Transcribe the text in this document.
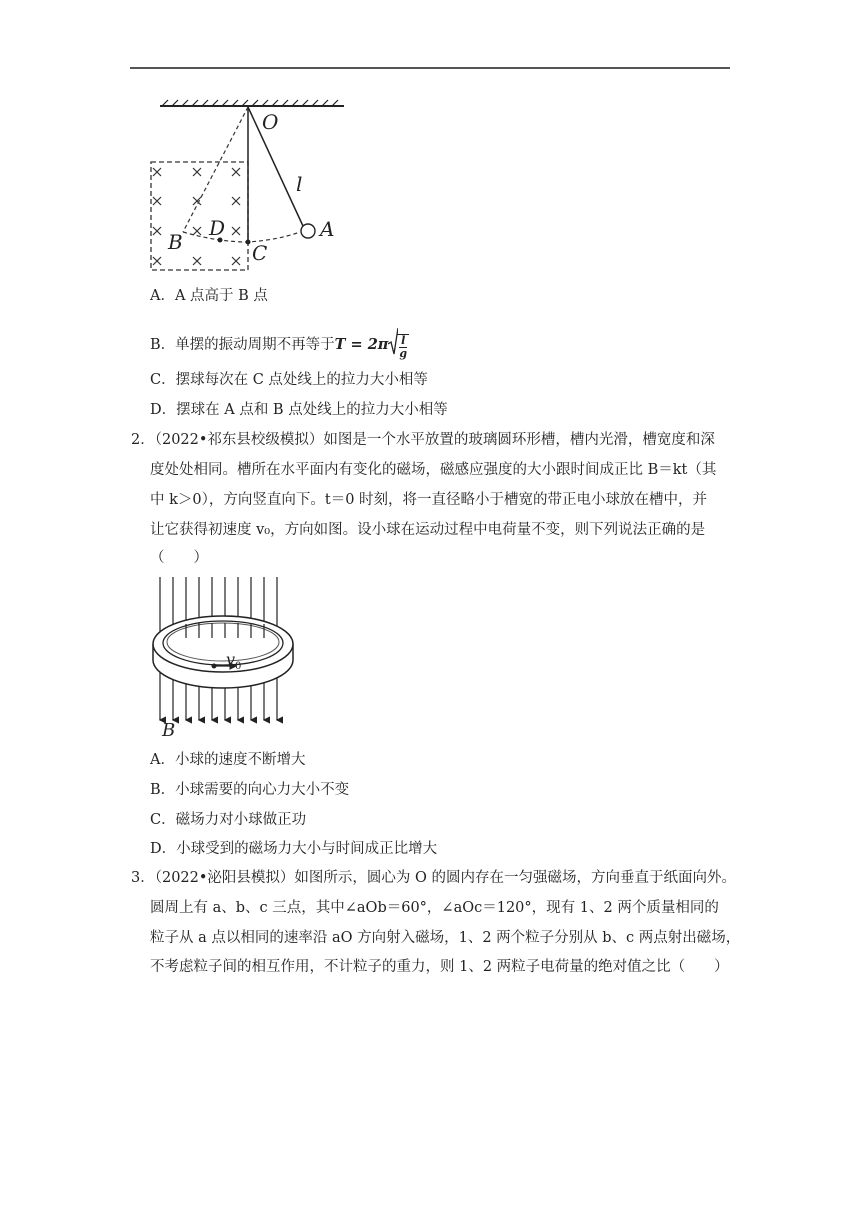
O
l
A
B
D
C
A．A 点高于 B 点
B．单摆的振动周期不再等于$T = 2\pi \frac{l}{g}$
C．摆球每次在 C 点处线上的拉力大小相等
D．摆球在 A 点和 B 点处线上的拉力大小相等
2．（2022•祁东县校级模拟）如图是一个水平放置的玻璃圆环形槽，槽内光滑，槽宽度和深
度处处相同。槽所在水平面内有变化的磁场，磁感应强度的大小跟时间成正比 B＝kt（其
中 k＞0），方向竖直向下。t＝0 时刻，将一直径略小于槽宽的带正电小球放在槽中，并
让它获得初速度 v₀，方向如图。设小球在运动过程中电荷量不变，则下列说法正确的是
（　　）
$v_0$
B
A．小球的速度不断增大
B．小球需要的向心力大小不变
C．磁场力对小球做正功
D．小球受到的磁场力大小与时间成正比增大
3．（2022•泌阳县模拟）如图所示，圆心为 O 的圆内存在一匀强磁场，方向垂直于纸面向外。
圆周上有 a、b、c 三点，其中∠aOb＝60°，∠aOc＝120°，现有 1、2 两个质量相同的
粒子从 a 点以相同的速率沿 aO 方向射入磁场，1、2 两个粒子分别从 b、c 两点射出磁场，
不考虑粒子间的相互作用，不计粒子的重力，则 1、2 两粒子电荷量的绝对值之比（　　）
